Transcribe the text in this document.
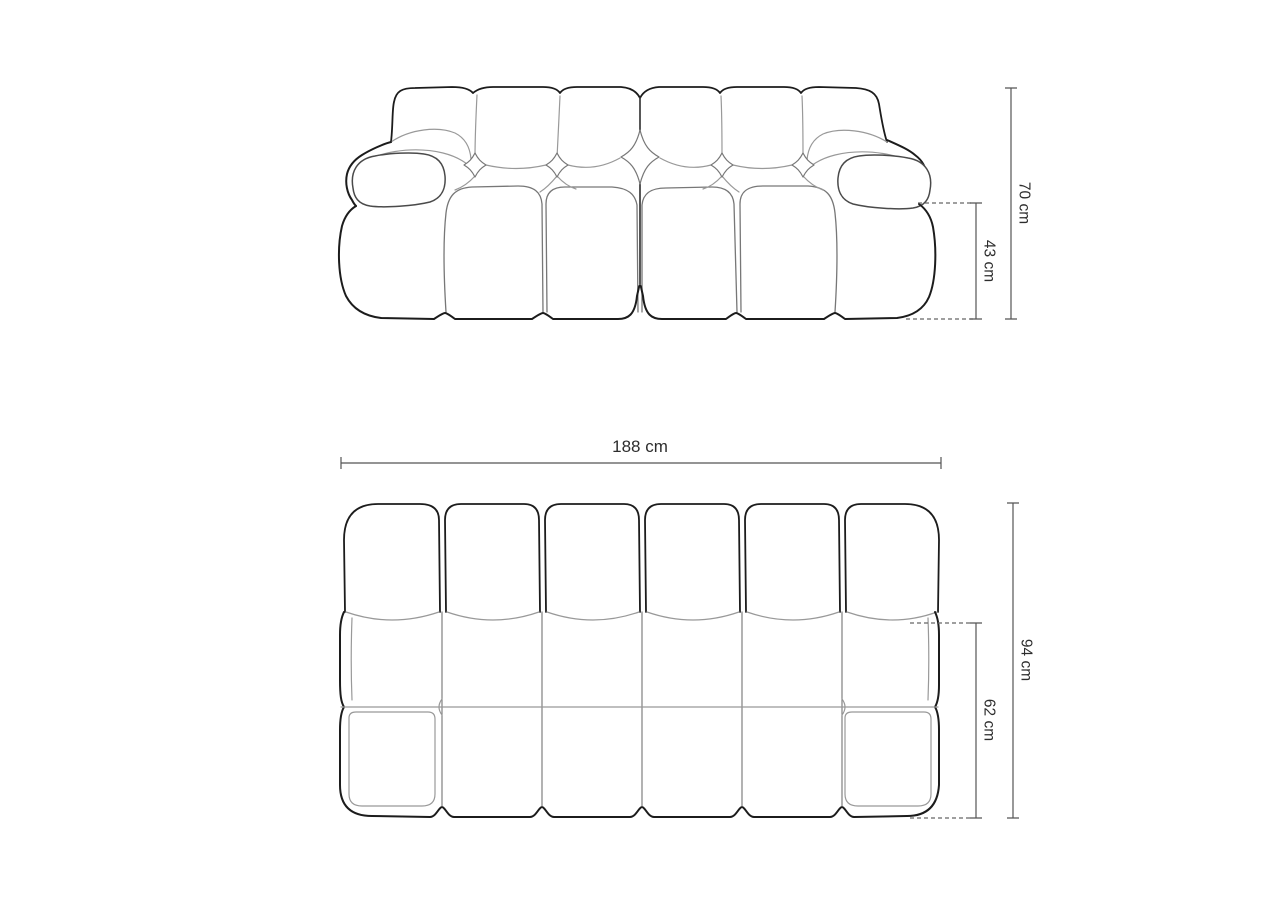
43 cm
70 cm
188 cm
62 cm
94 cm
